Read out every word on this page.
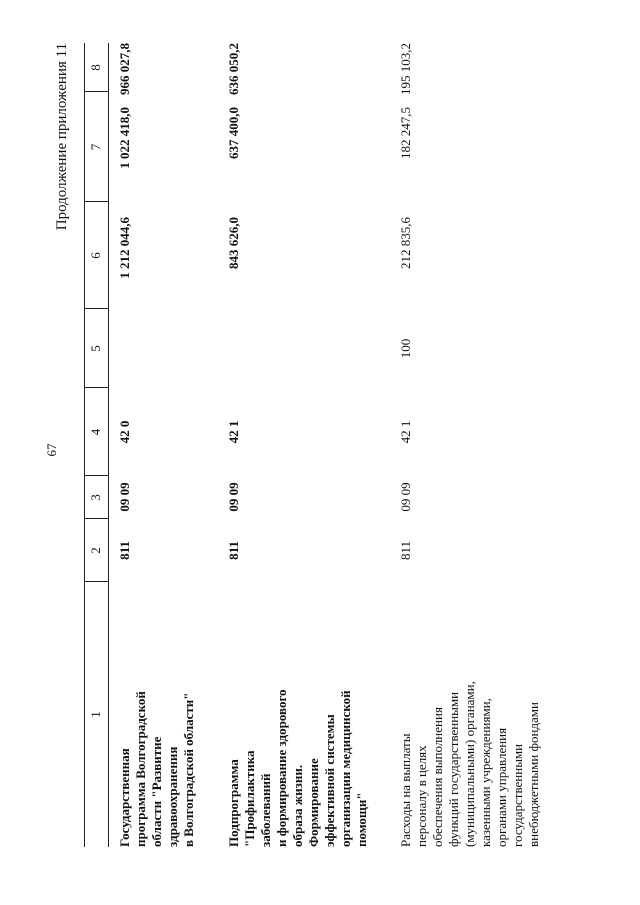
67
Продолжение приложения 11
1
2
3
4
5
6
7
8
Государственная
программа Волгоградской
области "Развитие
здравоохранения
в Волгоградской области"
811
09 09
42 0
1 212 044,6
1 022 418,0
966 027,8
Подпрограмма
"Профилактика
заболеваний
и формирование здорового
образа жизни.
Формирование
эффективной системы
организации медицинской
помощи"
811
09 09
42 1
843 626,0
637 400,0
636 050,2
Расходы на выплаты
персоналу в целях
обеспечения выполнения
функций государственными
(муниципальными) органами,
казенными учреждениями,
органами управления
государственными
внебюджетными фондами
811
09 09
42 1
100
212 835,6
182 247,5
195 103,2
